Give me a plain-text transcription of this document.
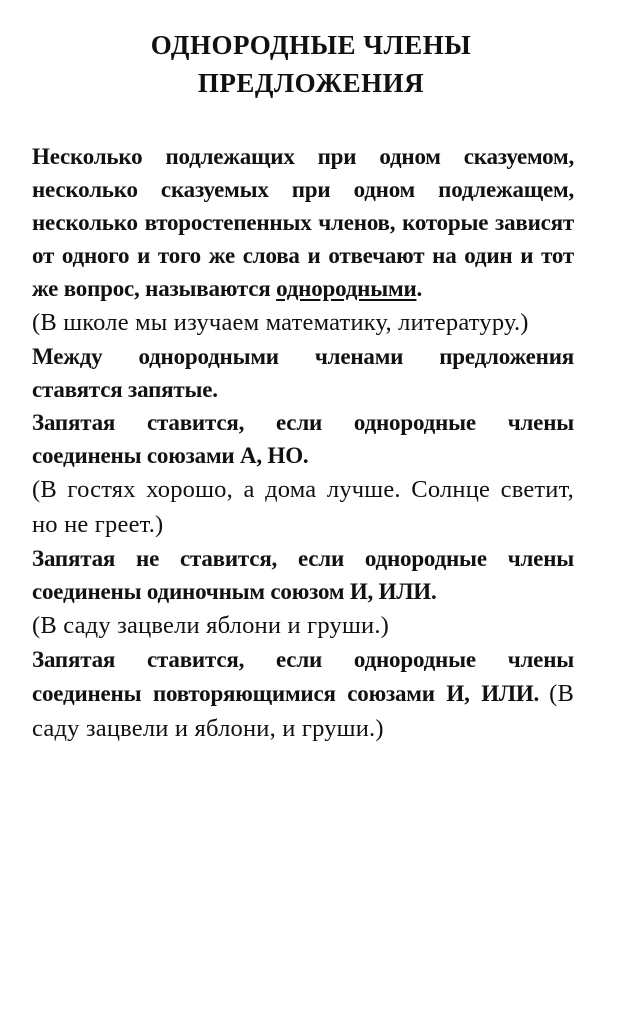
ОДНОРОДНЫЕ ЧЛЕНЫ
ПРЕДЛОЖЕНИЯ

Несколько подлежащих при одном сказуемом, несколько сказуемых при одном подлежащем, несколько второстепенных членов, которые зависят от одного и того же слова и отвечают на один и тот же вопрос, называются однородными.

(В школе мы изучаем математику, литературу.)

Между однородными членами предложения ставятся запятые.

Запятая ставится, если однородные члены соединены союзами А, НО.

(В гостях хорошо, а дома лучше. Солнце светит, но не греет.)

Запятая не ставится, если однородные члены соединены одиночным союзом И, ИЛИ.

(В саду зацвели яблони и груши.)

Запятая ставится, если однородные члены соединены повторяющимися союзами И, ИЛИ. (В саду зацвели и яблони, и груши.)
